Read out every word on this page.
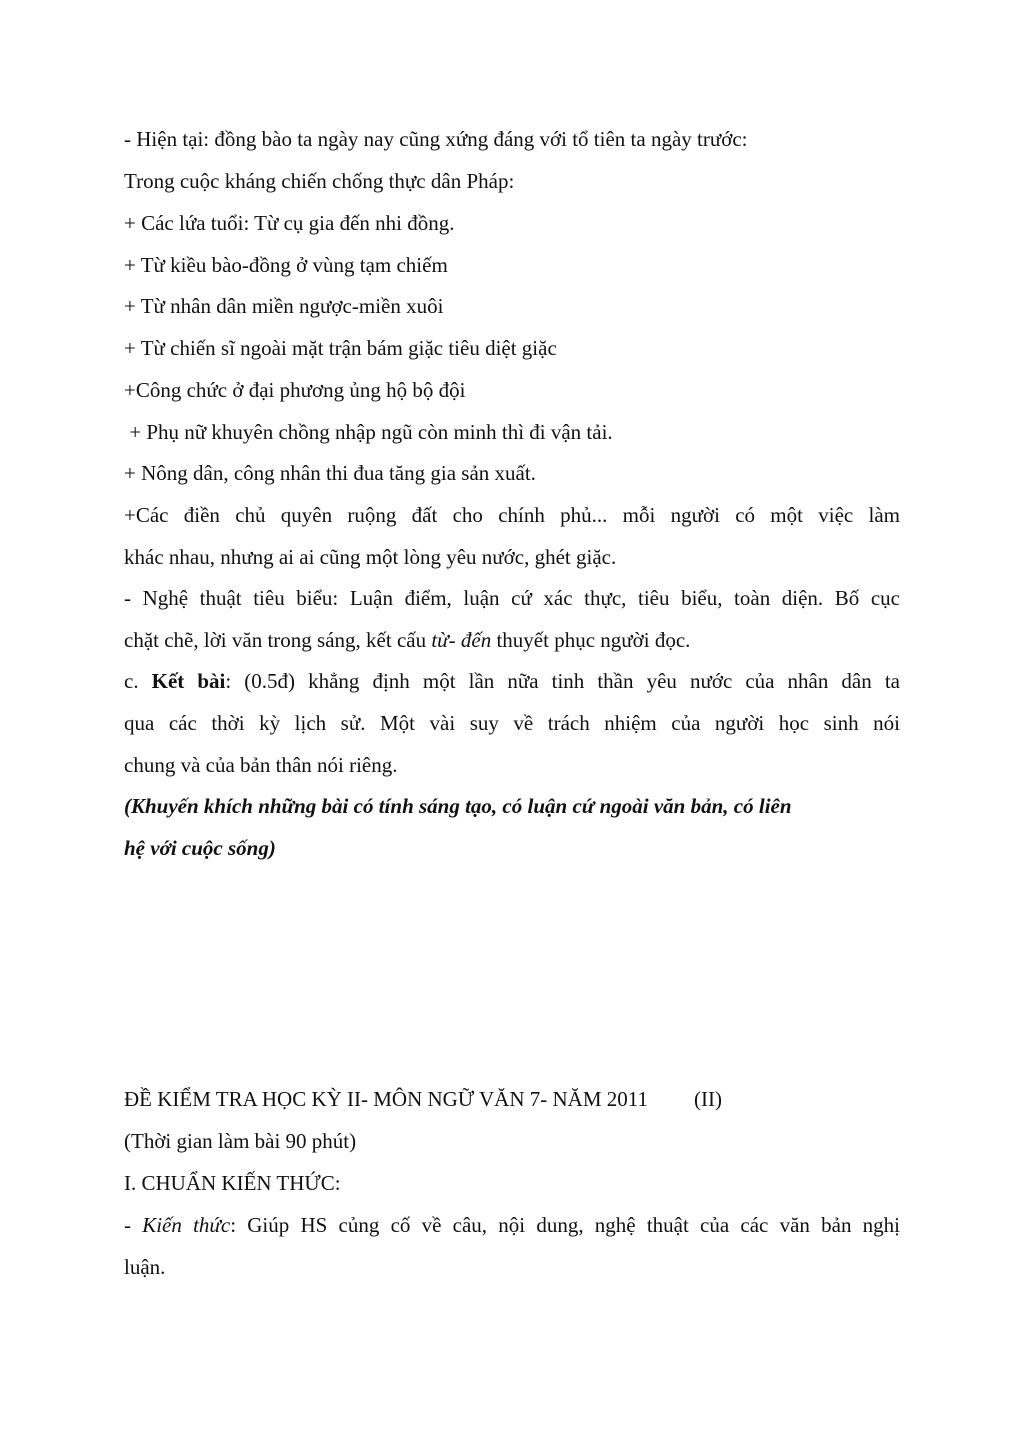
- Hiện tại: đồng bào ta ngày nay cũng xứng đáng với tổ tiên ta ngày trước:

Trong cuộc kháng chiến chống thực dân Pháp:

+ Các lứa tuổi: Từ cụ gia đến nhi đồng.

+ Từ kiều bào-đồng ở vùng tạm chiếm

+ Từ nhân dân miền ngược-miền xuôi

+ Từ chiến sĩ ngoài mặt trận bám giặc tiêu diệt giặc

+Công chức ở đại phương ủng hộ bộ đội

+ Phụ nữ khuyên chồng nhập ngũ còn minh thì đi vận tải.

+ Nông dân, công nhân thi đua tăng gia sản xuất.

+Các điền chủ quyên ruộng đất cho chính phủ... mỗi người có một việc làm

khác nhau, nhưng ai ai cũng một lòng yêu nước, ghét giặc.

- Nghệ thuật tiêu biểu: Luận điểm, luận cứ xác thực, tiêu biểu, toàn diện. Bố cục

chặt chẽ, lời văn trong sáng, kết cấu từ- đến thuyết phục người đọc.

c. Kết bài: (0.5đ) khẳng định một lần nữa tinh thần yêu nước của nhân dân ta

qua các thời kỳ lịch sử. Một vài suy về trách nhiệm của người học sinh nói

chung và của bản thân nói riêng.

(Khuyến khích những bài có tính sáng tạo, có luận cứ ngoài văn bản, có liên

hệ với cuộc sống)

ĐỀ KIỂM TRA HỌC KỲ II- MÔN NGỮ VĂN 7- NĂM 2011 (II)

(Thời gian làm bài 90 phút)

I. CHUẨN KIẾN THỨC:

- Kiến thức: Giúp HS củng cố về câu, nội dung, nghệ thuật của các văn bản nghị

luận.
